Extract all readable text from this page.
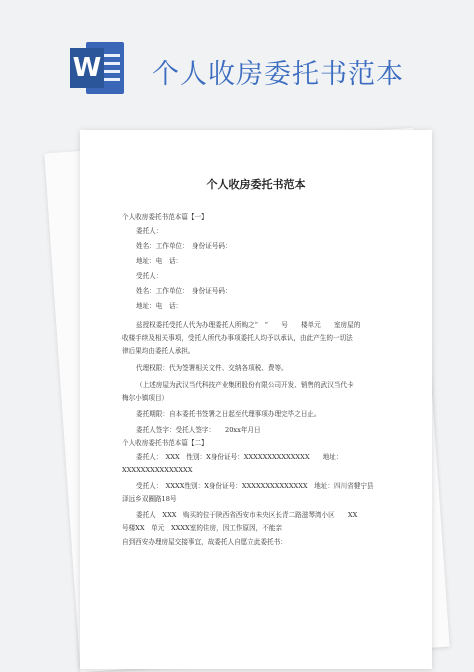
W 个人收房委托书范本
个人收房委托书范本
个人收房委托书范本篇【一】
委托人：
姓名：工作单位：　身份证号码：
地址：电　话：
受托人：
姓名：工作单位：　身份证号码：
地址：电　话：
兹授权委托受托人代为办理委托人所购之“　”　　号　　楼单元　　室房屋的
收楼手续及相关事项，受托人所代办事项委托人均予以承认，由此产生的一切法
律后果均由委托人承担。
代理权限：代为签署相关文件、交纳各项税、费等。
（上述房屋为武汉当代科技产业集团股份有限公司开发、销售的武汉当代卡
梅尔小镇项目）
委托期限：自本委托书签署之日起至代理事项办理完毕之日止。
委托人签字：受托人签字：　　20xx年月日
个人收房委托书范本篇【二】
委托人：　XXX　性别：X身份证号：XXXXXXXXXXXXXX　　地址：
XXXXXXXXXXXXXXX
受托人：　XXXX性别：X身份证号：XXXXXXXXXXXXXX　地址：四川省犍宁县
泽远乡双圈路18号
委托人　XXX　购买的位于陕西省西安市未央区长青二路滋琴湾小区　　XX
号楼XX　单元　XXXX室的住房，因工作原因，不能亲
自到西安办理房屋交接事宜，故委托人自愿立此委托书：
